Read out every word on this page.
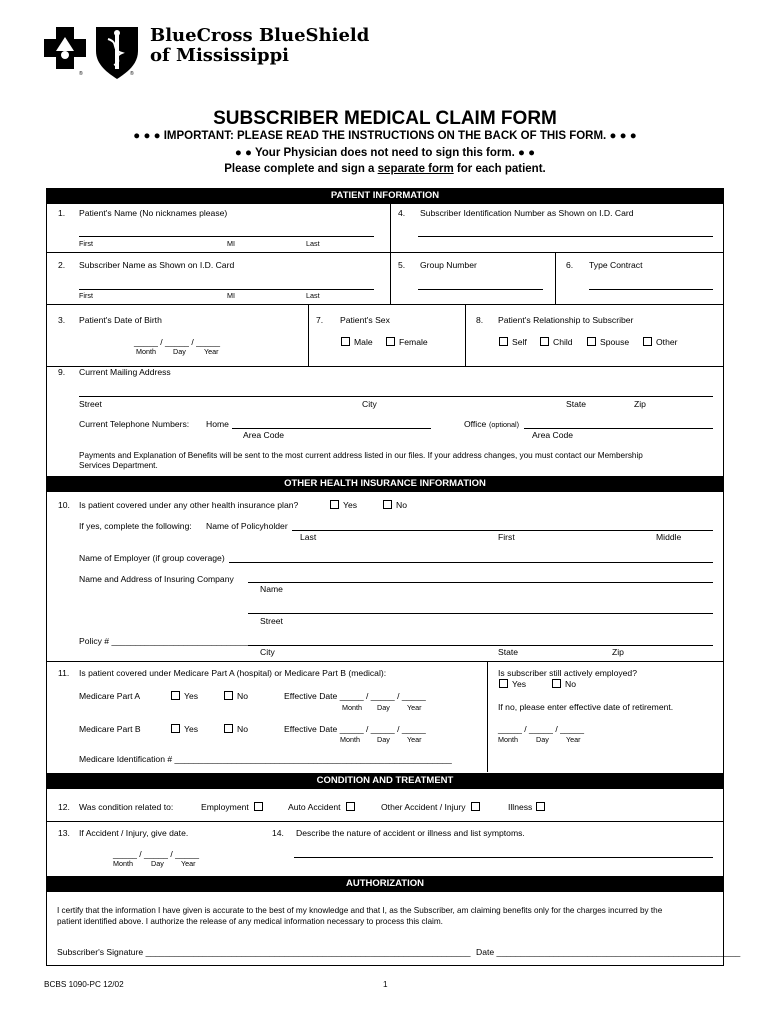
®	®
BlueCross BlueShield
of Mississippi
SUBSCRIBER MEDICAL CLAIM FORM
● ● ● IMPORTANT: PLEASE READ THE INSTRUCTIONS ON THE BACK OF THIS FORM. ● ● ●
● ● Your Physician does not need to sign this form. ● ●
Please complete and sign a separate form for each patient.
PATIENT INFORMATION
1. Patient's Name (No nicknames please)
First	MI	Last
4. Subscriber Identification Number as Shown on I.D. Card
2. Subscriber Name as Shown on I.D. Card
First	MI	Last
5. Group Number	6. Type Contract
3. Patient's Date of Birth
_____ / _____ / _____
Month Day	Year
7. Patient's Sex
Male	Female
8. Patient's Relationship to Subscriber
Self	Child	Spouse	Other
9. Current Mailing Address
Street	City	State	Zip
Current Telephone Numbers: Home
Area Code
Office (optional)
Area Code
Payments and Explanation of Benefits will be sent to the most current address listed in our files. If your address changes, you must contact our Membership
Services Department.
OTHER HEALTH INSURANCE INFORMATION
10. Is patient covered under any other health insurance plan?	Yes	No
If yes, complete the following: Name of Policyholder
Last	First	Middle
Name of Employer (if group coverage)
Name and Address of Insuring Company
Name
Street
Policy # ______________________________
City	State	Zip
11. Is patient covered under Medicare Part A (hospital) or Medicare Part B (medical):
Medicare Part A	Yes	No	Effective Date _____ / _____ / _____
Month Day Year
Medicare Part B	Yes	No	Effective Date _____ / _____ / _____
Month Day Year
Medicare Identification # __________________________________________________________
Is subscriber still actively employed?
Yes	No
If no, please enter effective date of retirement.
_____ / _____ / _____
Month	Day Year
CONDITION AND TREATMENT
12. Was condition related to:	Employment	Auto Accident	Other Accident / Injury	Illness
13. If Accident / Injury, give date.
_____ / _____ / _____
Month	Day Year
14. Describe the nature of accident or illness and list symptoms.
AUTHORIZATION
I certify that the information I have given is accurate to the best of my knowledge and that I, as the Subscriber, am claiming benefits only for the charges incurred by the
patient identified above. I authorize the release of any medical information necessary to process this claim.
Subscriber's Signature ____________________________________________________________________ Date ___________________________________________________
BCBS 1090-PC 12/02	1
